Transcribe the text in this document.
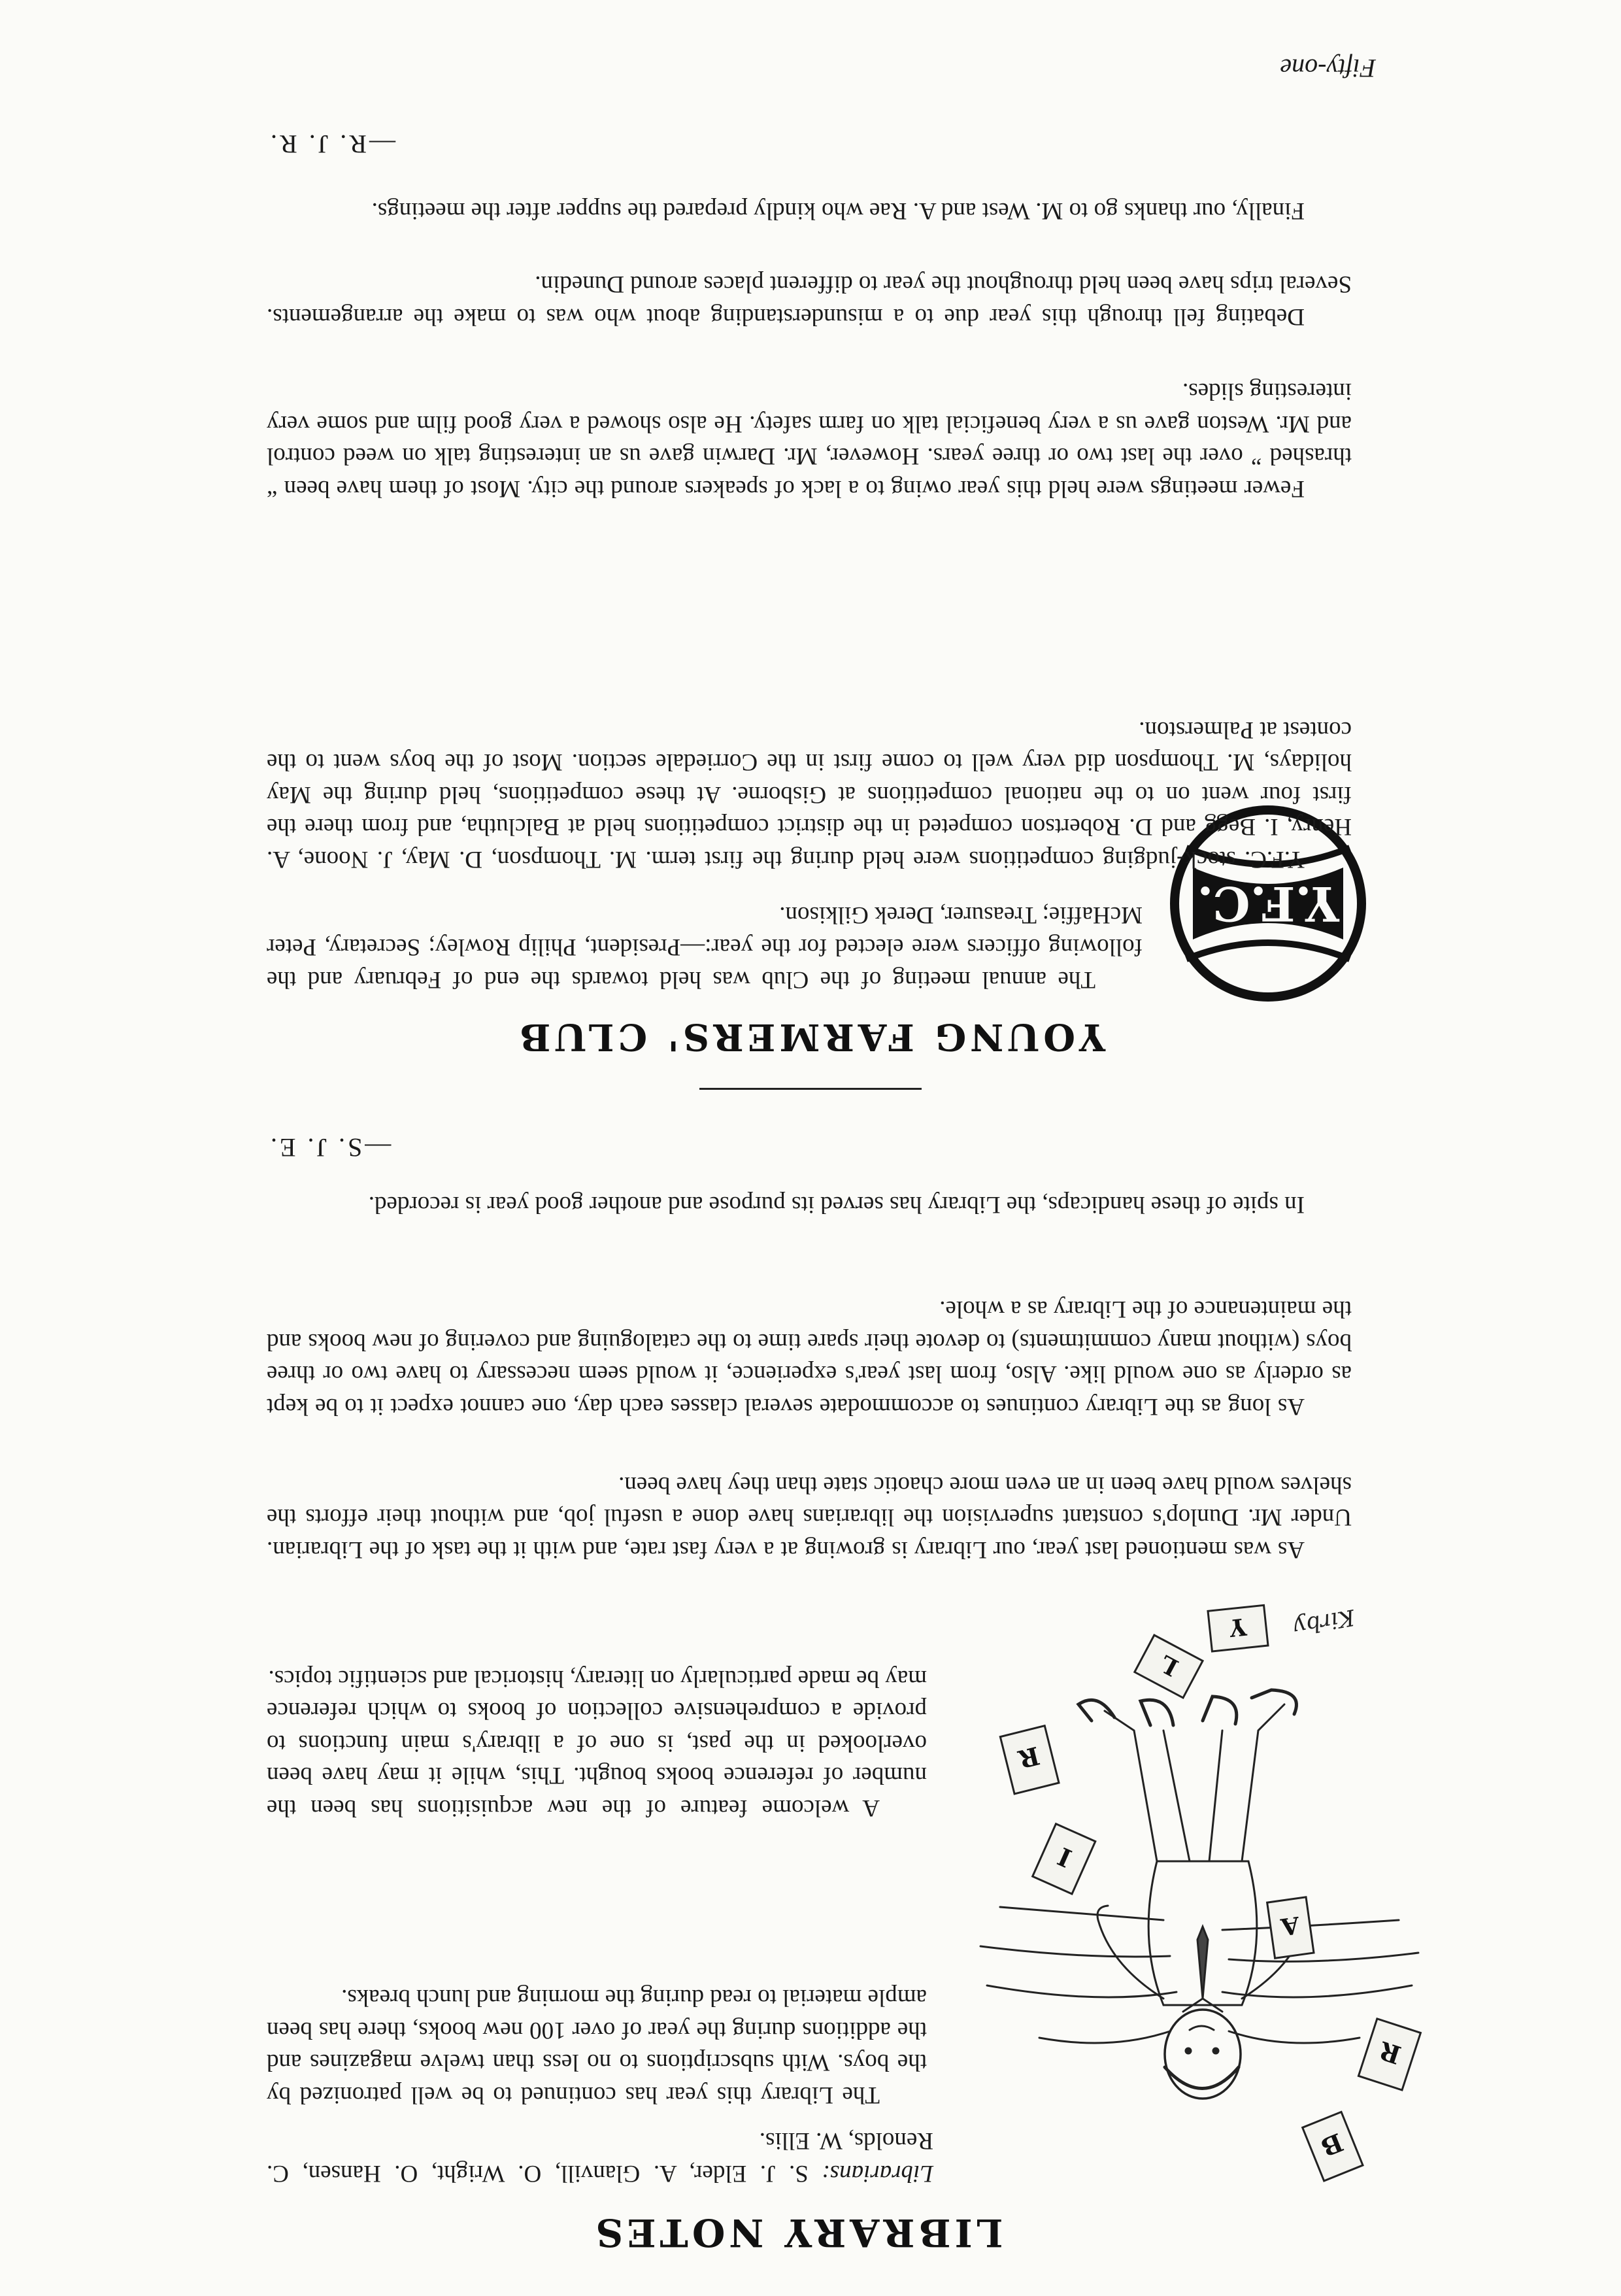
LIBRARY NOTES

Librarians: S. J. Elder, A. Glanvill, O. Wright, O. Hansen, C. Renolds, W. Ellis.	B
R
A
I
R
L
Y Kirby

The Library this year has continued to be well patronized by the boys. With subscriptions to no less than twelve magazines and the additions during the year of over 100 new books, there has been ample material to read during the morning and lunch breaks.

A welcome feature of the new acquisitions has been the number of reference books bought. This, while it may have been overlooked in the past, is one of a library's main functions to provide a comprehensive collection of books to which reference may be made particularly on literary, historical and scientific topics.

As was mentioned last year, our Library is growing at a very fast rate, and with it the task of the Librarian. Under Mr. Dunlop's constant supervision the librarians have done a useful job, and without their efforts the shelves would have been in an even more chaotic state than they have been.

As long as the Library continues to accommodate several classes each day, one cannot expect it to be kept as orderly as one would like. Also, from last year's experience, it would seem necessary to have two or three boys (without many commitments) to devote their spare time to the cataloguing and covering of new books and the maintenance of the Library as a whole.

In spite of these handicaps, the Library has served its purpose and another good year is recorded.

—S. J. E.

YOUNG FARMERS' CLUB
Y.F.C.

The annual meeting of the Club was held towards the end of February and the following officers were elected for the year:—President, Philip Rowley; Secretary, Peter McHaffie; Treasurer, Derek Gilkison.

Y.F.C. stock-judging competitions were held during the first term. M. Thompson, D. May, J. Noone, A. Henry, I. Begg and D. Robertson competed in the district competitions held at Balclutha, and from there the first four went on to the national competitions at Gisborne. At these competitions, held during the May holidays, M. Thompson did very well to come first in the Corriedale section. Most of the boys went to the contest at Palmerston.

Fewer meetings were held this year owing to a lack of speakers around the city. Most of them have been “ thrashed ” over the last two or three years. However, Mr. Darwin gave us an interesting talk on weed control and Mr. Weston gave us a very beneficial talk on farm safety. He also showed a very good film and some very interesting slides.

Debating fell through this year due to a misunderstanding about who was to make the arrangements. Several trips have been held throughout the year to different places around Dunedin.

Finally, our thanks go to M. West and A. Rae who kindly prepared the supper after the meetings.

—R. J. R.

Fifty-one
